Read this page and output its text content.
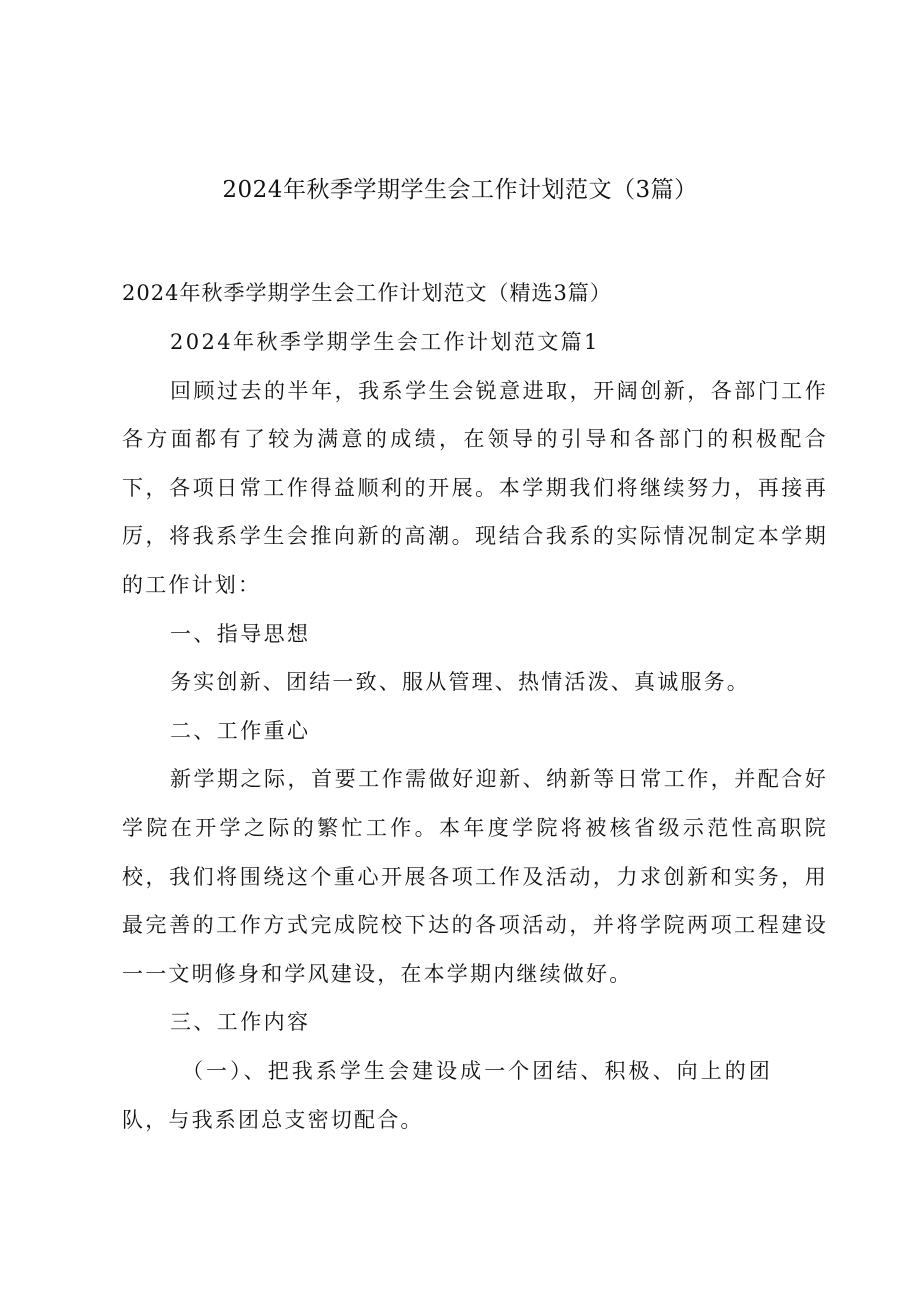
2024年秋季学期学生会工作计划范文（3篇）
2024年秋季学期学生会工作计划范文（精选3篇）

2024年秋季学期学生会工作计划范文篇1

回顾过去的半年，我系学生会锐意进取，开阔创新，各部门工作各方面都有了较为满意的成绩，在领导的引导和各部门的积极配合下，各项日常工作得益顺利的开展。本学期我们将继续努力，再接再厉，将我系学生会推向新的高潮。现结合我系的实际情况制定本学期的工作计划：

一、指导思想

务实创新、团结一致、服从管理、热情活泼、真诚服务。

二、工作重心

新学期之际，首要工作需做好迎新、纳新等日常工作，并配合好学院在开学之际的繁忙工作。本年度学院将被核省级示范性高职院校，我们将围绕这个重心开展各项工作及活动，力求创新和实务，用最完善的工作方式完成院校下达的各项活动，并将学院两项工程建设一一文明修身和学风建设，在本学期内继续做好。

三、工作内容

（一）、把我系学生会建设成一个团结、积极、向上的团队，与我系团总支密切配合。
